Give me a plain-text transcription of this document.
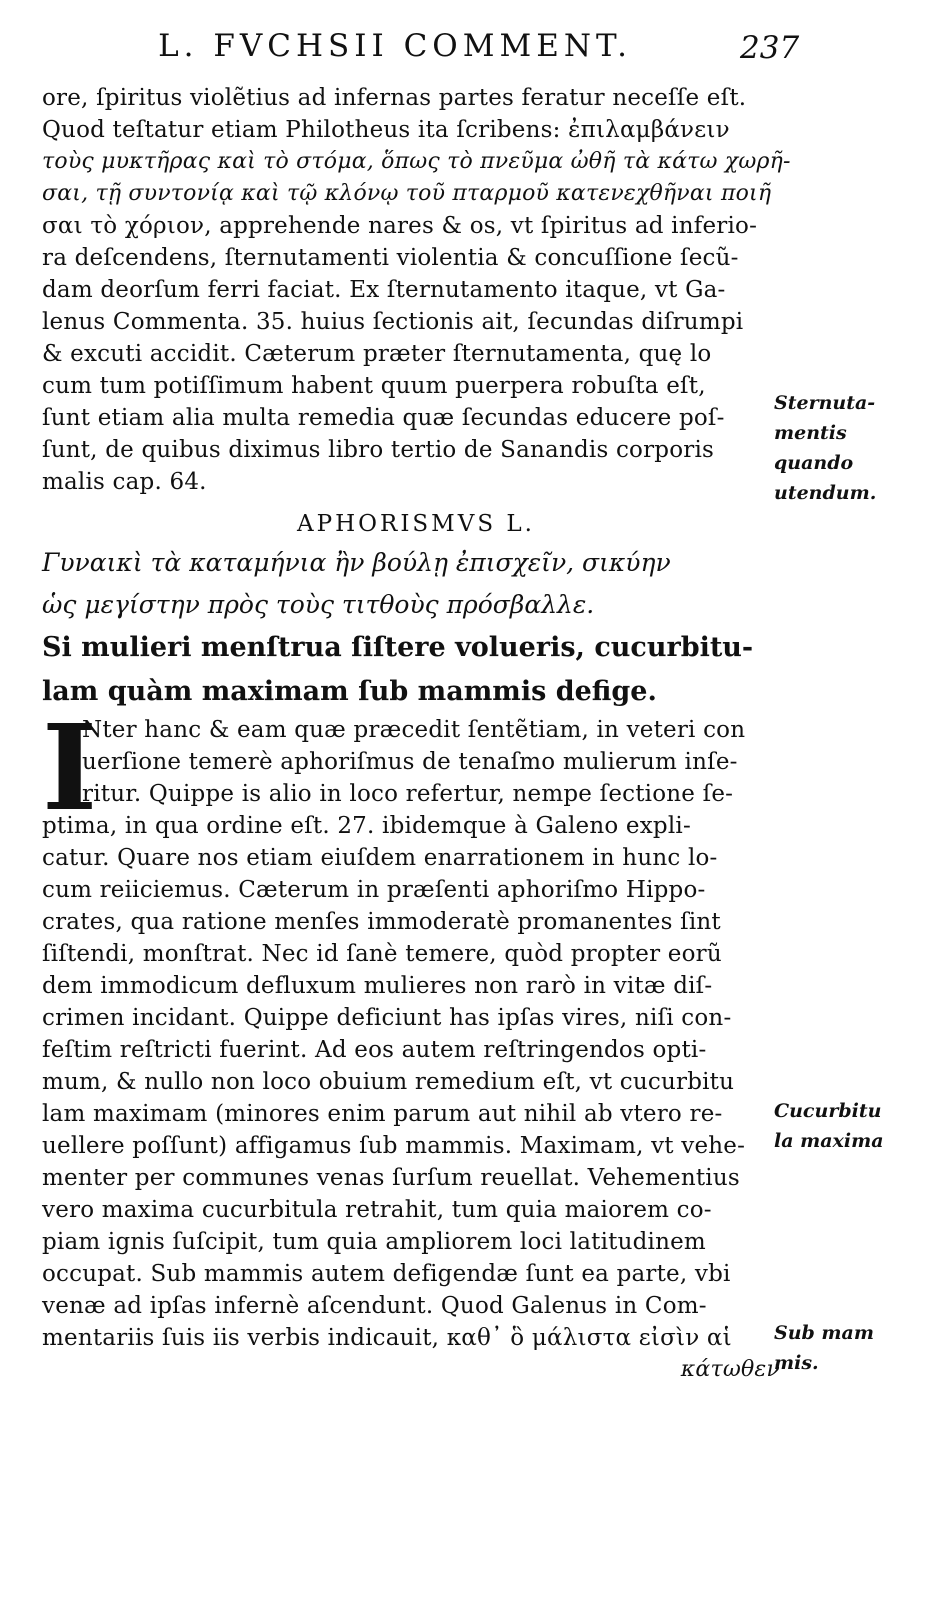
L. FVCHSII COMMENT.	237
ore, ſpiritus violẽtius ad infernas partes feratur neceſſe eſt.
Quod teſtatur etiam Philotheus ita ſcribens: ἐπιλαμβάνειν
τοὺς μυκτῆρας καὶ τὸ στόμα, ὅπως τὸ πνεῦμα ὠθῆ τὰ κάτω χωρῆ-
σαι, τῇ συντονίᾳ καὶ τῷ κλόνῳ τοῦ πταρμοῦ κατενεχθῆναι ποιῆ
σαι τὸ χόριον, apprehende nares & os, vt ſpiritus ad inferio-
ra deſcendens, ſternutamenti violentia & concuſſione ſecũ-
dam deorſum ferri faciat. Ex ſternutamento itaque, vt Ga-
lenus Commenta. 35. huius ſectionis ait, ſecundas diſrumpi
& excuti accidit. Cæterum præter ſternutamenta, quę lo
cum tum potiſſimum habent quum puerpera robuſta eſt,
ſunt etiam alia multa remedia quæ ſecundas educere poſ-
ſunt, de quibus diximus libro tertio de Sanandis corporis
malis cap. 64.
APHORISMVS L.
Γυναικὶ τὰ καταμήνια ἢν βούλῃ ἐπισχεῖν, σικύην
ὡς μεγίστην πρὸς τοὺς τιτθοὺς πρόσβαλλε.
Si mulieri menſtrua ſiſtere volueris, cucurbitu-
lam quàm maximam ſub mammis defige.
I
Nter hanc & eam quæ præcedit ſentẽtiam, in veteri con
uerſione temerè aphoriſmus de tenaſmo mulierum inſe-
ritur. Quippe is alio in loco refertur, nempe ſectione ſe-
ptima, in qua ordine eſt. 27. ibidemque à Galeno expli-
catur. Quare nos etiam eiuſdem enarrationem in hunc lo-
cum reiiciemus. Cæterum in præſenti aphoriſmo Hippo-
crates, qua ratione menſes immoderatè promanentes ſint
ſiſtendi, monſtrat. Nec id ſanè temere, quòd propter eorũ
dem immodicum defluxum mulieres non rarò in vitæ diſ-
crimen incidant. Quippe deficiunt has ipſas vires, niſi con-
feſtim reſtricti fuerint. Ad eos autem reſtringendos opti-
mum, & nullo non loco obuium remedium eſt, vt cucurbitu
lam maximam (minores enim parum aut nihil ab vtero re-
uellere poſſunt) affigamus ſub mammis. Maximam, vt vehe-
menter per communes venas ſurſum reuellat. Vehementius
vero maxima cucurbitula retrahit, tum quia maiorem co-
piam ignis ſuſcipit, tum quia ampliorem loci latitudinem
occupat. Sub mammis autem defigendæ ſunt ea parte, vbi
venæ ad ipſas infernè aſcendunt. Quod Galenus in Com-
mentariis ſuis iis verbis indicauit, καθ᾽ ὃ μάλιστα εἰσὶν αἱ
κάτωθεν
Sternuta-
mentis
quando
utendum.
Cucurbitu
la maxima
Sub mam
mis.
